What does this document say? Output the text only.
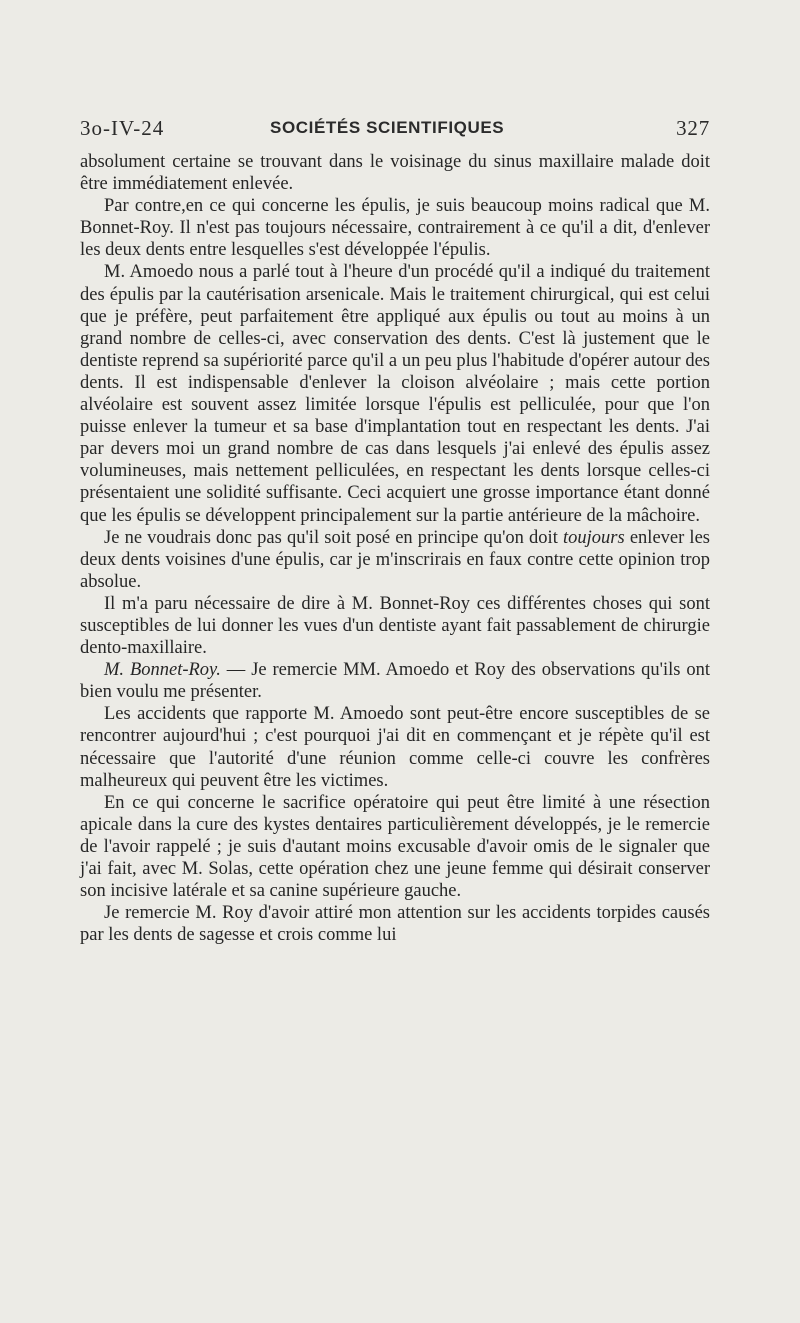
3o-IV-24	SOCIÉTÉS SCIENTIFIQUES	327

absolument certaine se trouvant dans le voisinage du sinus maxillaire malade doit être immédiatement enlevée.

Par contre,en ce qui concerne les épulis, je suis beaucoup moins radical que M. Bonnet-Roy. Il n'est pas toujours nécessaire, contrairement à ce qu'il a dit, d'enlever les deux dents entre lesquelles s'est développée l'épulis.

M. Amoedo nous a parlé tout à l'heure d'un procédé qu'il a indiqué du traitement des épulis par la cautérisation arsenicale. Mais le traitement chirurgical, qui est celui que je préfère, peut parfaitement être appliqué aux épulis ou tout au moins à un grand nombre de celles-ci, avec conservation des dents. C'est là justement que le dentiste reprend sa supériorité parce qu'il a un peu plus l'habitude d'opérer autour des dents. Il est indispensable d'enlever la cloison alvéolaire ; mais cette portion alvéolaire est souvent assez limitée lorsque l'épulis est pelliculée, pour que l'on puisse enlever la tumeur et sa base d'implantation tout en respectant les dents. J'ai par devers moi un grand nombre de cas dans lesquels j'ai enlevé des épulis assez volumineuses, mais nettement pelliculées, en respectant les dents lorsque celles-ci présentaient une solidité suffisante. Ceci acquiert une grosse importance étant donné que les épulis se développent principalement sur la partie antérieure de la mâchoire.

Je ne voudrais donc pas qu'il soit posé en principe qu'on doit toujours enlever les deux dents voisines d'une épulis, car je m'inscrirais en faux contre cette opinion trop absolue.

Il m'a paru nécessaire de dire à M. Bonnet-Roy ces différentes choses qui sont susceptibles de lui donner les vues d'un dentiste ayant fait passablement de chirurgie dento-maxillaire.

M. Bonnet-Roy. — Je remercie MM. Amoedo et Roy des observations qu'ils ont bien voulu me présenter.

Les accidents que rapporte M. Amoedo sont peut-être encore susceptibles de se rencontrer aujourd'hui ; c'est pourquoi j'ai dit en commençant et je répète qu'il est nécessaire que l'autorité d'une réunion comme celle-ci couvre les confrères malheureux qui peuvent être les victimes.

En ce qui concerne le sacrifice opératoire qui peut être limité à une résection apicale dans la cure des kystes dentaires particulièrement développés, je le remercie de l'avoir rappelé ; je suis d'autant moins excusable d'avoir omis de le signaler que j'ai fait, avec M. Solas, cette opération chez une jeune femme qui désirait conserver son incisive latérale et sa canine supérieure gauche.

Je remercie M. Roy d'avoir attiré mon attention sur les accidents torpides causés par les dents de sagesse et crois comme lui
